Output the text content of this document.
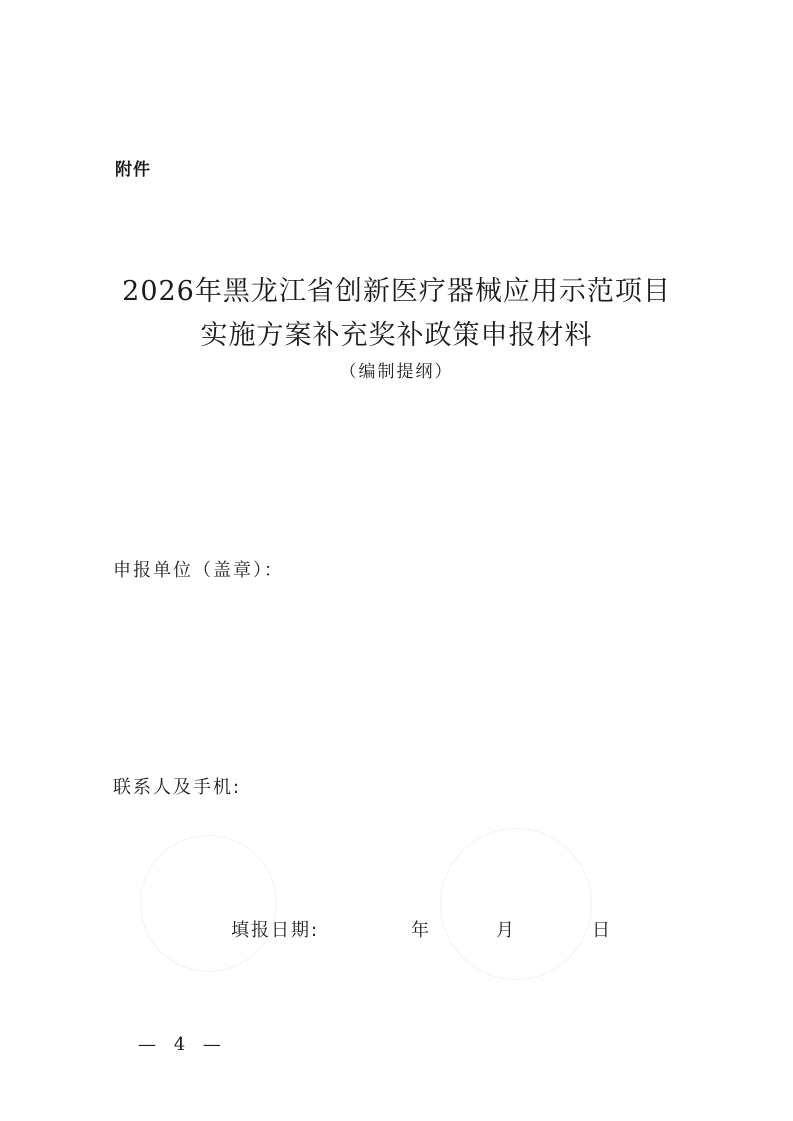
附件
2026年黑龙江省创新医疗器械应用示范项目
实施方案补充奖补政策申报材料
（编制提纲）
申报单位（盖章）：
联系人及手机:
填报日期:	年	月	日
— 4 —
